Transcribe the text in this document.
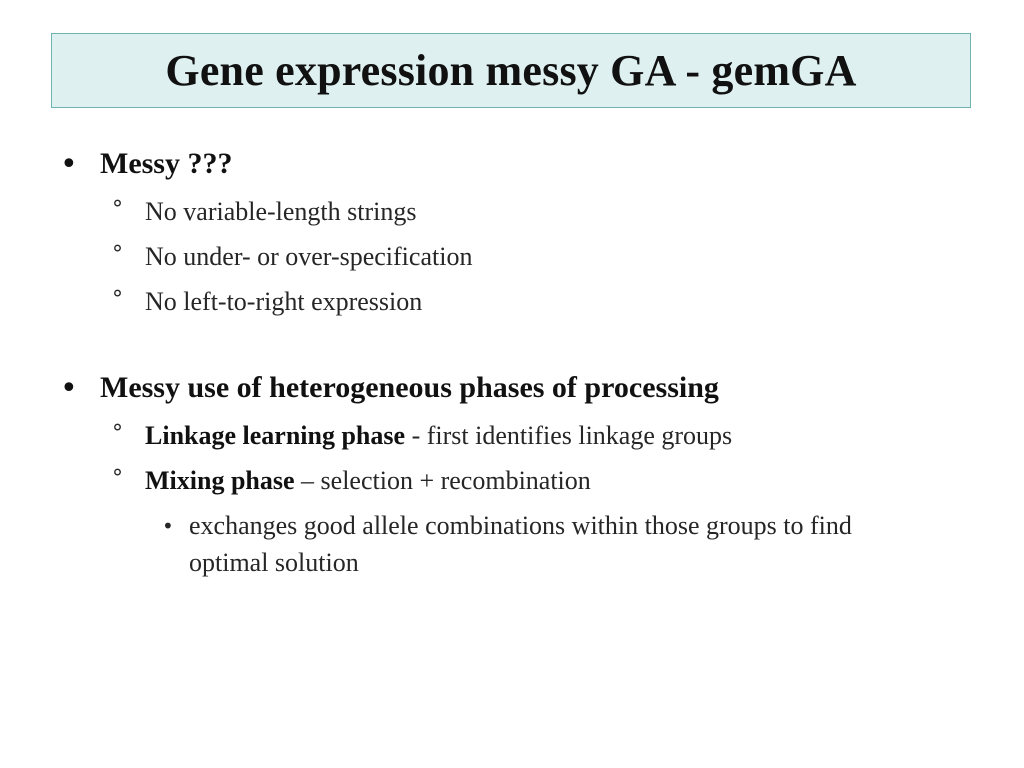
Gene expression messy GA - gemGA
• Messy ???
° No variable-length strings
° No under- or over-specification
° No left-to-right expression
• Messy use of heterogeneous phases of processing
° Linkage learning phase - first identifies linkage groups
° Mixing phase – selection + recombination
• exchanges good allele combinations within those groups to find
optimal solution
